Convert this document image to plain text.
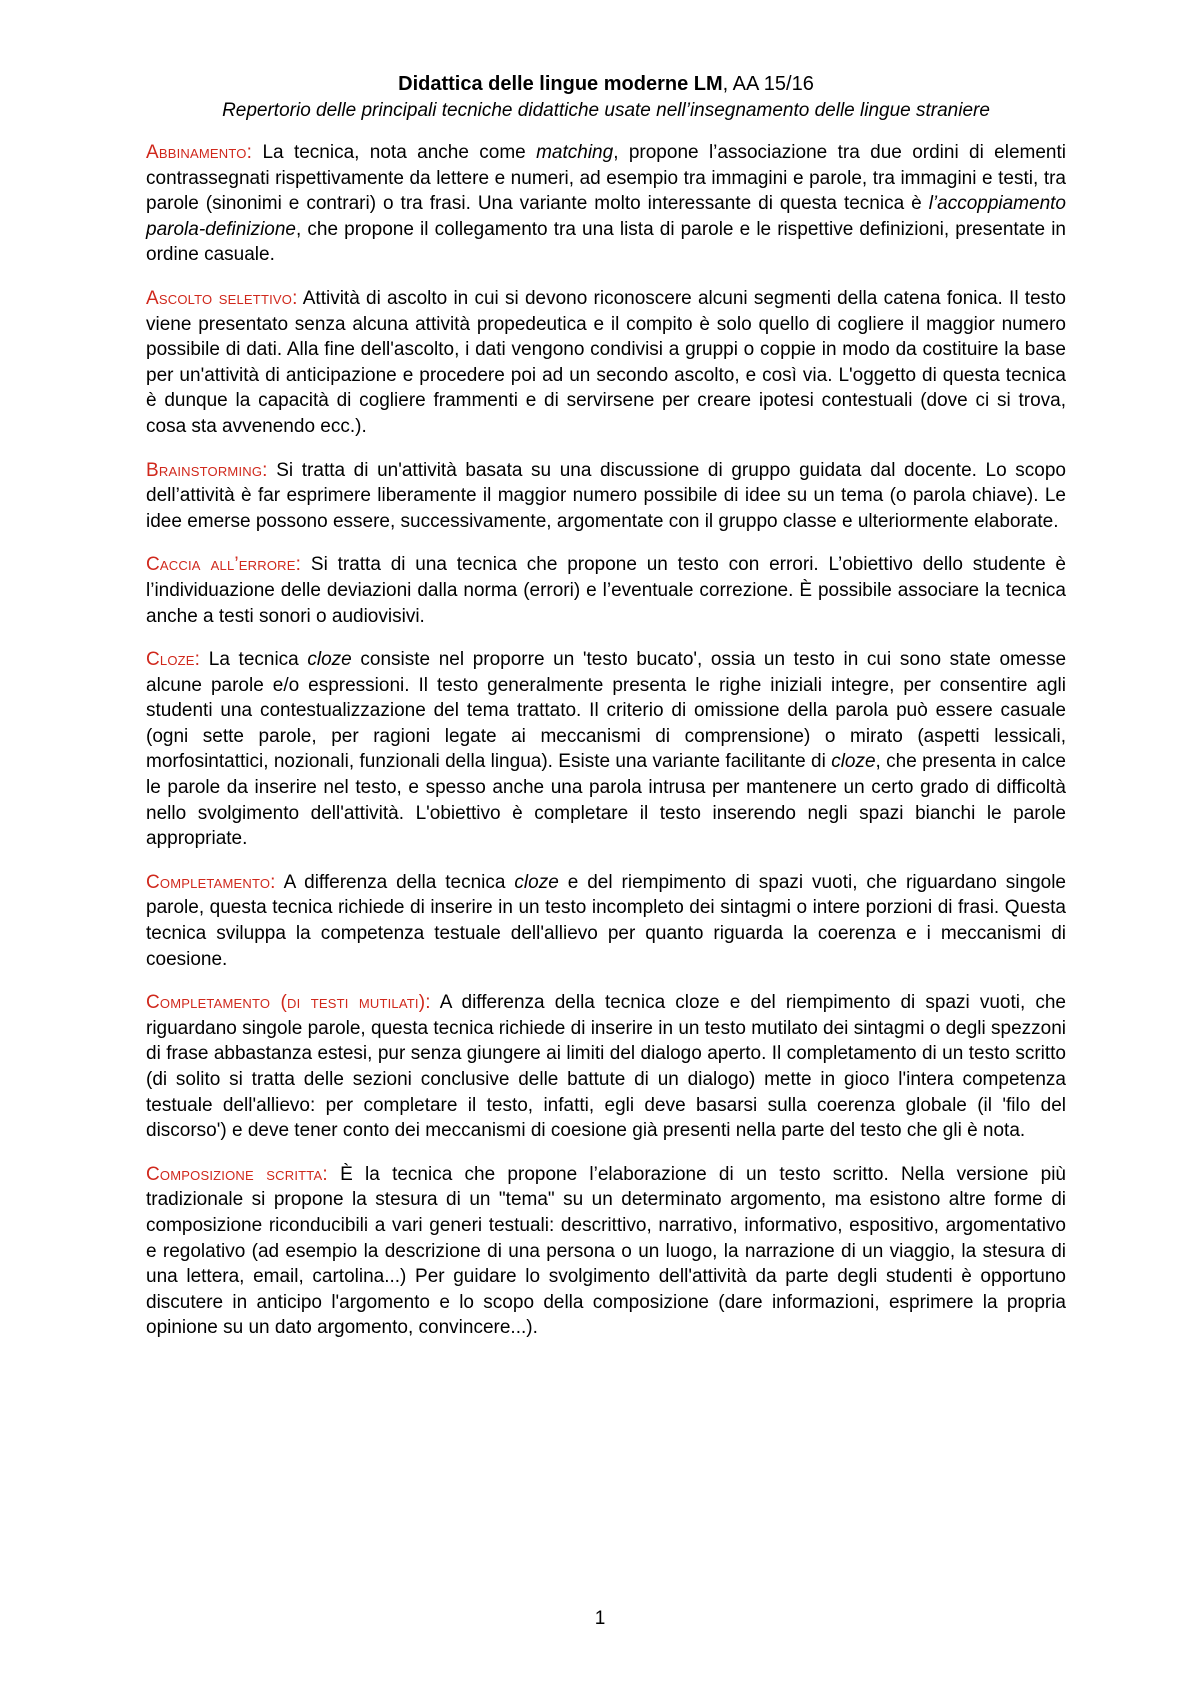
Didattica delle lingue moderne LM, AA 15/16

Repertorio delle principali tecniche didattiche usate nell’insegnamento delle lingue straniere

Abbinamento: La tecnica, nota anche come matching, propone l’associazione tra due ordini di elementi contrassegnati rispettivamente da lettere e numeri, ad esempio tra immagini e parole, tra immagini e testi, tra parole (sinonimi e contrari) o tra frasi. Una variante molto interessante di questa tecnica è l’accoppiamento parola-definizione, che propone il collegamento tra una lista di parole e le rispettive definizioni, presentate in ordine casuale.

Ascolto selettivo: Attività di ascolto in cui si devono riconoscere alcuni segmenti della catena fonica. Il testo viene presentato senza alcuna attività propedeutica e il compito è solo quello di cogliere il maggior numero possibile di dati. Alla fine dell'ascolto, i dati vengono condivisi a gruppi o coppie in modo da costituire la base per un'attività di anticipazione e procedere poi ad un secondo ascolto, e così via. L'oggetto di questa tecnica è dunque la capacità di cogliere frammenti e di servirsene per creare ipotesi contestuali (dove ci si trova, cosa sta avvenendo ecc.).

Brainstorming: Si tratta di un'attività basata su una discussione di gruppo guidata dal docente. Lo scopo dell’attività è far esprimere liberamente il maggior numero possibile di idee su un tema (o parola chiave). Le idee emerse possono essere, successivamente, argomentate con il gruppo classe e ulteriormente elaborate.

Caccia all’errore: Si tratta di una tecnica che propone un testo con errori. L’obiettivo dello studente è l’individuazione delle deviazioni dalla norma (errori) e l’eventuale correzione. È possibile associare la tecnica anche a testi sonori o audiovisivi.

Cloze: La tecnica cloze consiste nel proporre un 'testo bucato', ossia un testo in cui sono state omesse alcune parole e/o espressioni. Il testo generalmente presenta le righe iniziali integre, per consentire agli studenti una contestualizzazione del tema trattato. Il criterio di omissione della parola può essere casuale (ogni sette parole, per ragioni legate ai meccanismi di comprensione) o mirato (aspetti lessicali, morfosintattici, nozionali, funzionali della lingua). Esiste una variante facilitante di cloze, che presenta in calce le parole da inserire nel testo, e spesso anche una parola intrusa per mantenere un certo grado di difficoltà nello svolgimento dell'attività. L'obiettivo è completare il testo inserendo negli spazi bianchi le parole appropriate.

Completamento: A differenza della tecnica cloze e del riempimento di spazi vuoti, che riguardano singole parole, questa tecnica richiede di inserire in un testo incompleto dei sintagmi o intere porzioni di frasi. Questa tecnica sviluppa la competenza testuale dell'allievo per quanto riguarda la coerenza e i meccanismi di coesione.

Completamento (di testi mutilati): A differenza della tecnica cloze e del riempimento di spazi vuoti, che riguardano singole parole, questa tecnica richiede di inserire in un testo mutilato dei sintagmi o degli spezzoni di frase abbastanza estesi, pur senza giungere ai limiti del dialogo aperto. Il completamento di un testo scritto (di solito si tratta delle sezioni conclusive delle battute di un dialogo) mette in gioco l'intera competenza testuale dell'allievo: per completare il testo, infatti, egli deve basarsi sulla coerenza globale (il 'filo del discorso') e deve tener conto dei meccanismi di coesione già presenti nella parte del testo che gli è nota.

Composizione scritta: È la tecnica che propone l’elaborazione di un testo scritto. Nella versione più tradizionale si propone la stesura di un "tema" su un determinato argomento, ma esistono altre forme di composizione riconducibili a vari generi testuali: descrittivo, narrativo, informativo, espositivo, argomentativo e regolativo (ad esempio la descrizione di una persona o un luogo, la narrazione di un viaggio, la stesura di una lettera, email, cartolina...) Per guidare lo svolgimento dell'attività da parte degli studenti è opportuno discutere in anticipo l'argomento e lo scopo della composizione (dare informazioni, esprimere la propria opinione su un dato argomento, convincere...).

1
